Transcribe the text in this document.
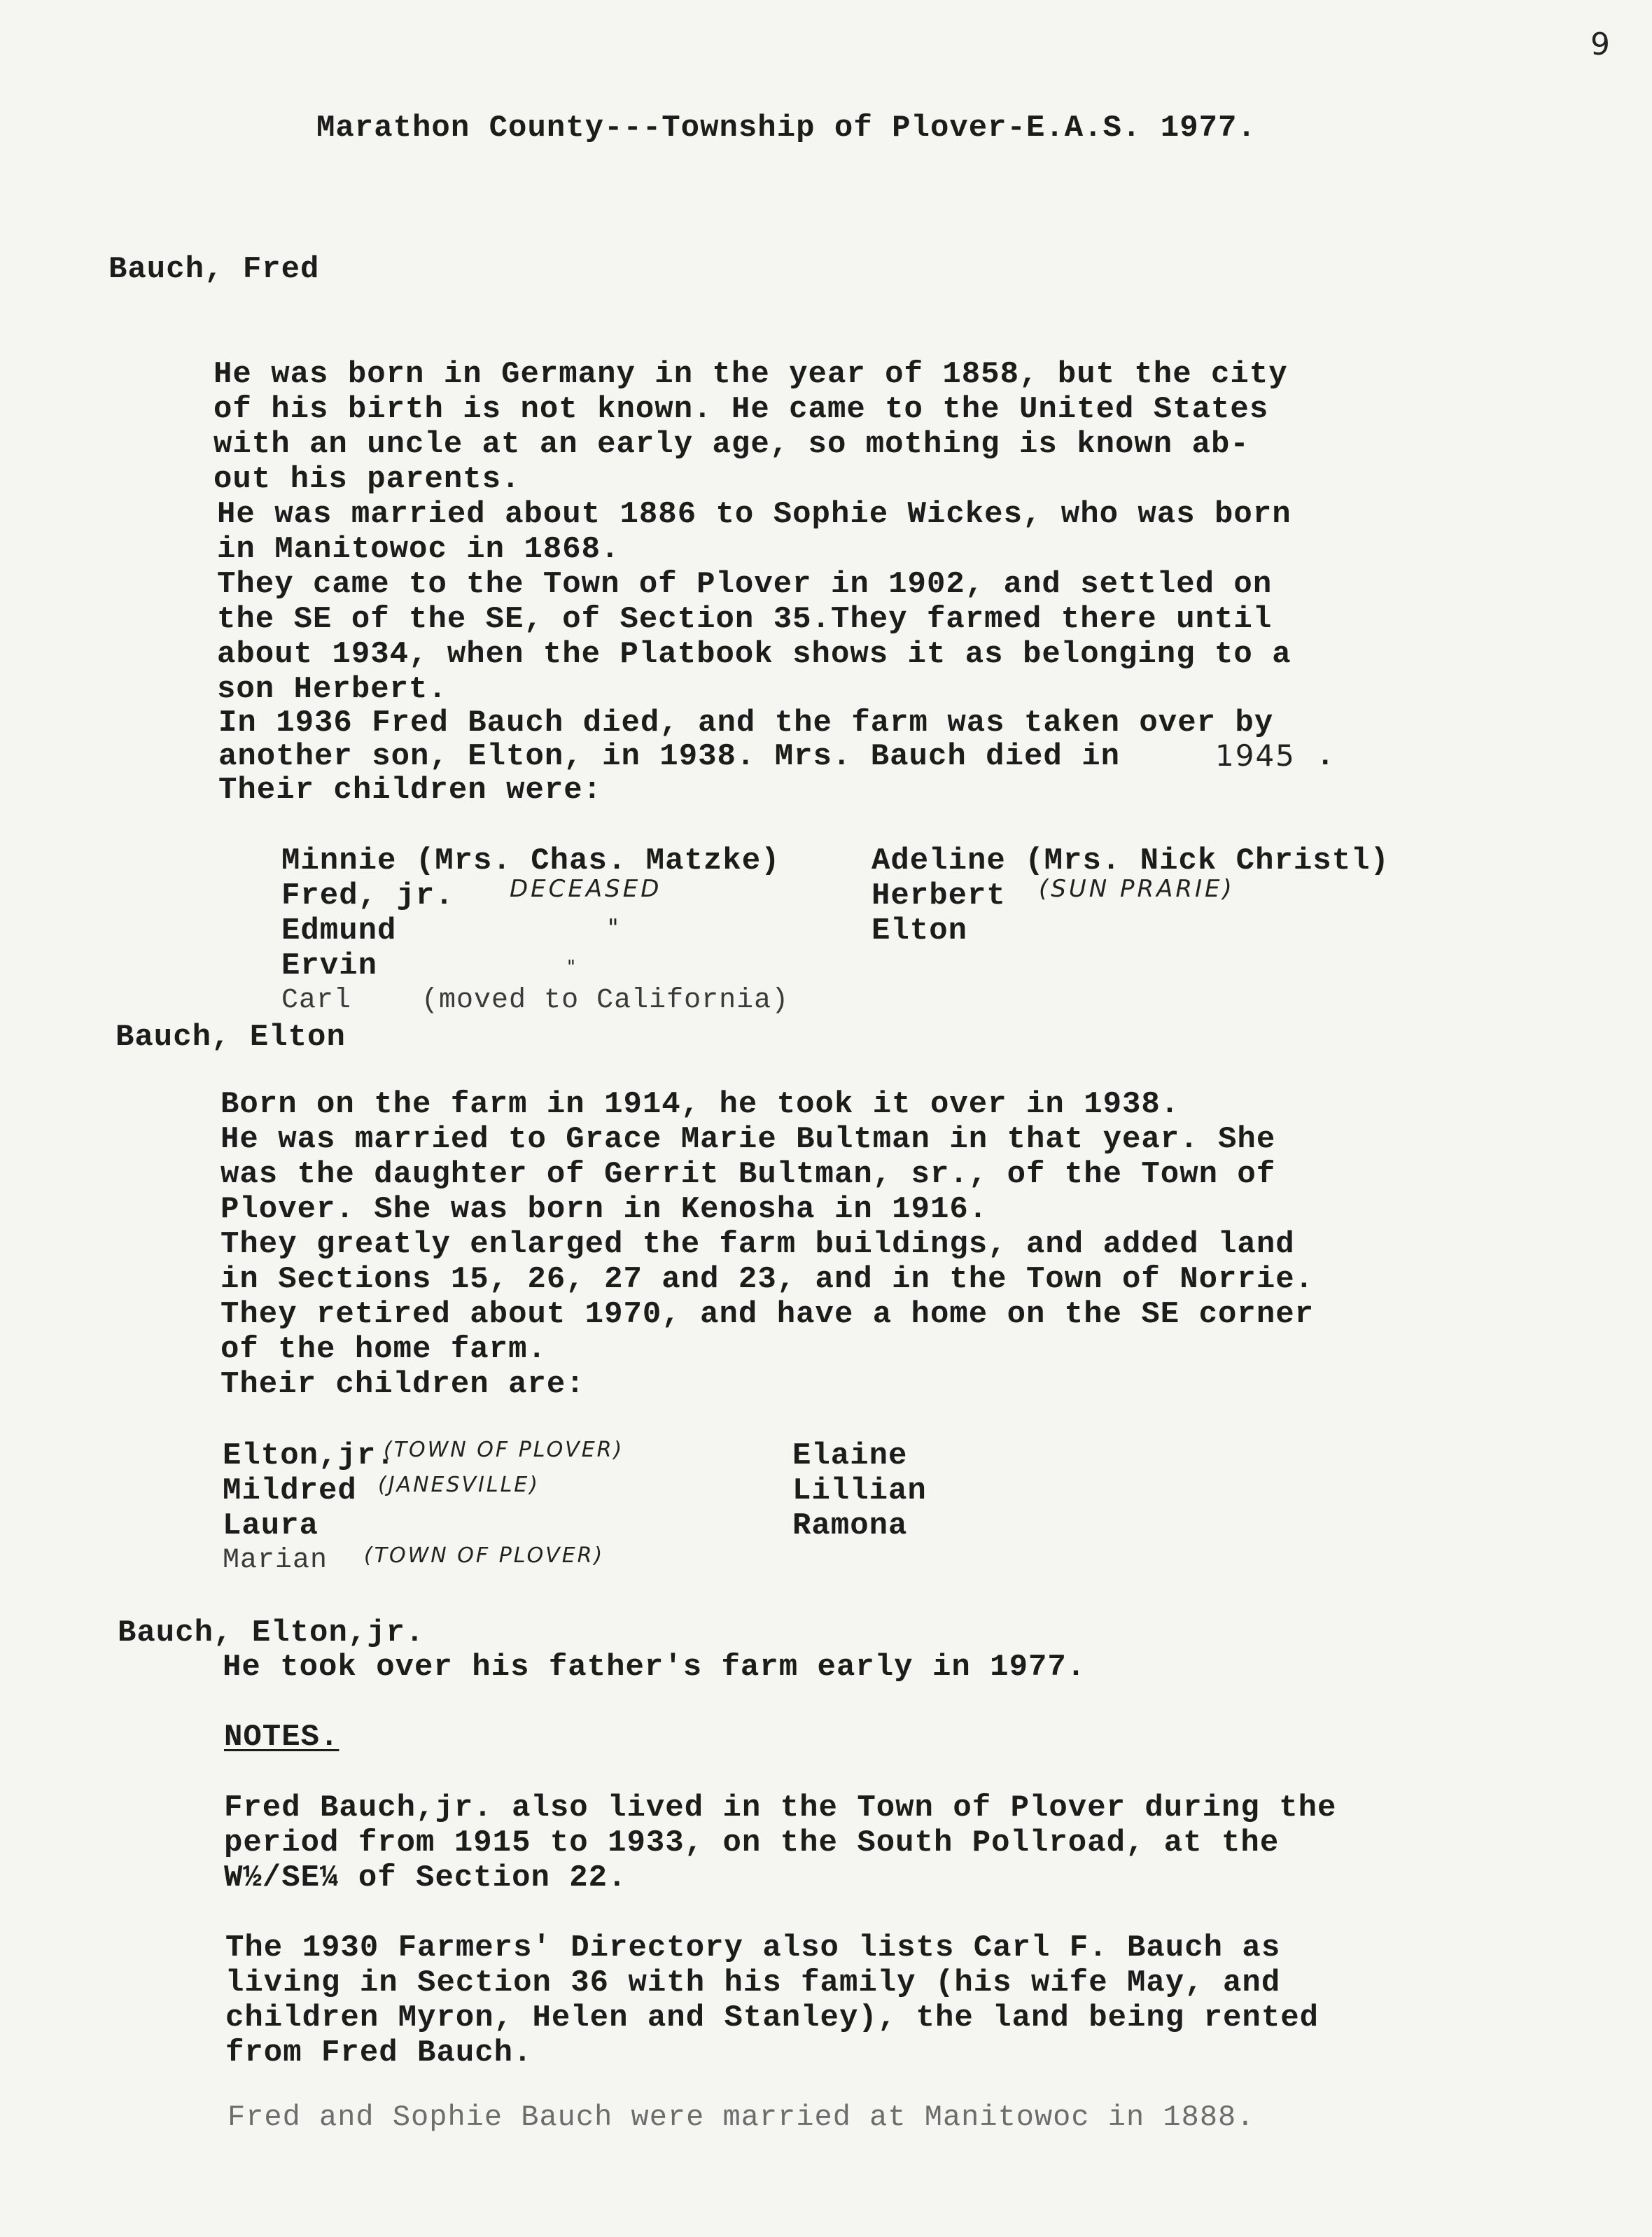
9
Marathon County---Township of Plover-E.A.S. 1977.
Bauch, Fred
He was born in Germany in the year of 1858, but the city
of his birth is not known. He came to the United States
with an uncle at an early age, so mothing is known ab-
out his parents.
He was married about 1886 to Sophie Wickes, who was born
in Manitowoc in 1868.
They came to the Town of Plover in 1902, and settled on
the SE of the SE, of Section 35.They farmed there until
about 1934, when the Platbook shows it as belonging to a
son Herbert.
In 1936 Fred Bauch died, and the farm was taken over by
another son, Elton, in 1938. Mrs. Bauch died in	1945 .
Their children were:
Minnie (Mrs. Chas. Matzke)
Fred, jr. DECEASED
Edmund	"
Ervin	"
Carl    (moved to California)
Adeline (Mrs. Nick Christl)
Herbert (SUN PRARIE)
Elton
Bauch, Elton
Born on the farm in 1914, he took it over in 1938.
He was married to Grace Marie Bultman in that year. She
was the daughter of Gerrit Bultman, sr., of the Town of
Plover. She was born in Kenosha in 1916.
They greatly enlarged the farm buildings, and added land
in Sections 15, 26, 27 and 23, and in the Town of Norrie.
They retired about 1970, and have a home on the SE corner
of the home farm.
Their children are:
Elton,jr.
(TOWN OF PLOVER)
Mildred (JANESVILLE)
Laura
Marian (TOWN OF PLOVER)
Elaine
Lillian
Ramona
Bauch, Elton,jr.
He took over his father's farm early in 1977.
NOTES.
Fred Bauch,jr. also lived in the Town of Plover during the
period from 1915 to 1933, on the South Pollroad, at the
W½/SE¼ of Section 22.
The 1930 Farmers' Directory also lists Carl F. Bauch as
living in Section 36 with his family (his wife May, and
children Myron, Helen and Stanley), the land being rented
from Fred Bauch.
Fred and Sophie Bauch were married at Manitowoc in 1888.
